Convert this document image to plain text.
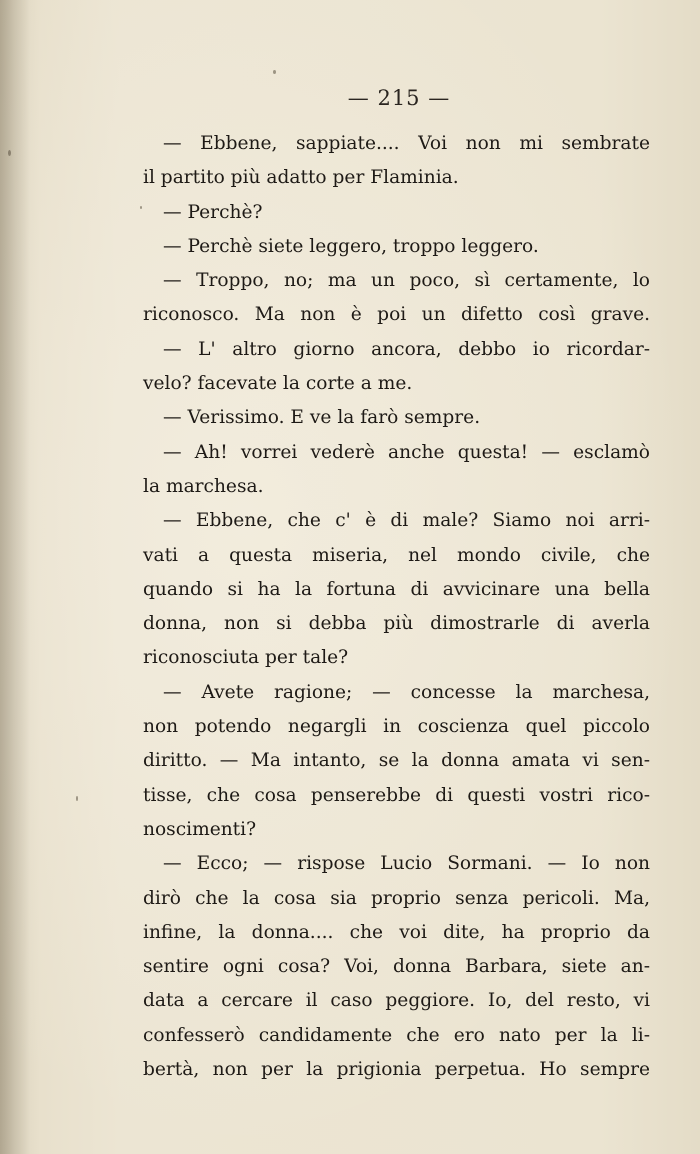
— 215 —
— Ebbene, sappiate.... Voi non mi sembrate
il partito più adatto per Flaminia.
— Perchè?
— Perchè siete leggero, troppo leggero.
— Troppo, no; ma un poco, sì certamente, lo
riconosco. Ma non è poi un difetto così grave.
— L' altro giorno ancora, debbo io ricordar-
velo? facevate la corte a me.
— Verissimo. E ve la farò sempre.
— Ah! vorrei vederè anche questa! — esclamò
la marchesa.
— Ebbene, che c' è di male? Siamo noi arri-
vati a questa miseria, nel mondo civile, che
quando si ha la fortuna di avvicinare una bella
donna, non si debba più dimostrarle di averla
riconosciuta per tale?
— Avete ragione; — concesse la marchesa,
non potendo negargli in coscienza quel piccolo
diritto. — Ma intanto, se la donna amata vi sen-
tisse, che cosa penserebbe di questi vostri rico-
noscimenti?
— Ecco; — rispose Lucio Sormani. — Io non
dirò che la cosa sia proprio senza pericoli. Ma,
infine, la donna.... che voi dite, ha proprio da
sentire ogni cosa? Voi, donna Barbara, siete an-
data a cercare il caso peggiore. Io, del resto, vi
confesserò candidamente che ero nato per la li-
bertà, non per la prigionia perpetua. Ho sempre
